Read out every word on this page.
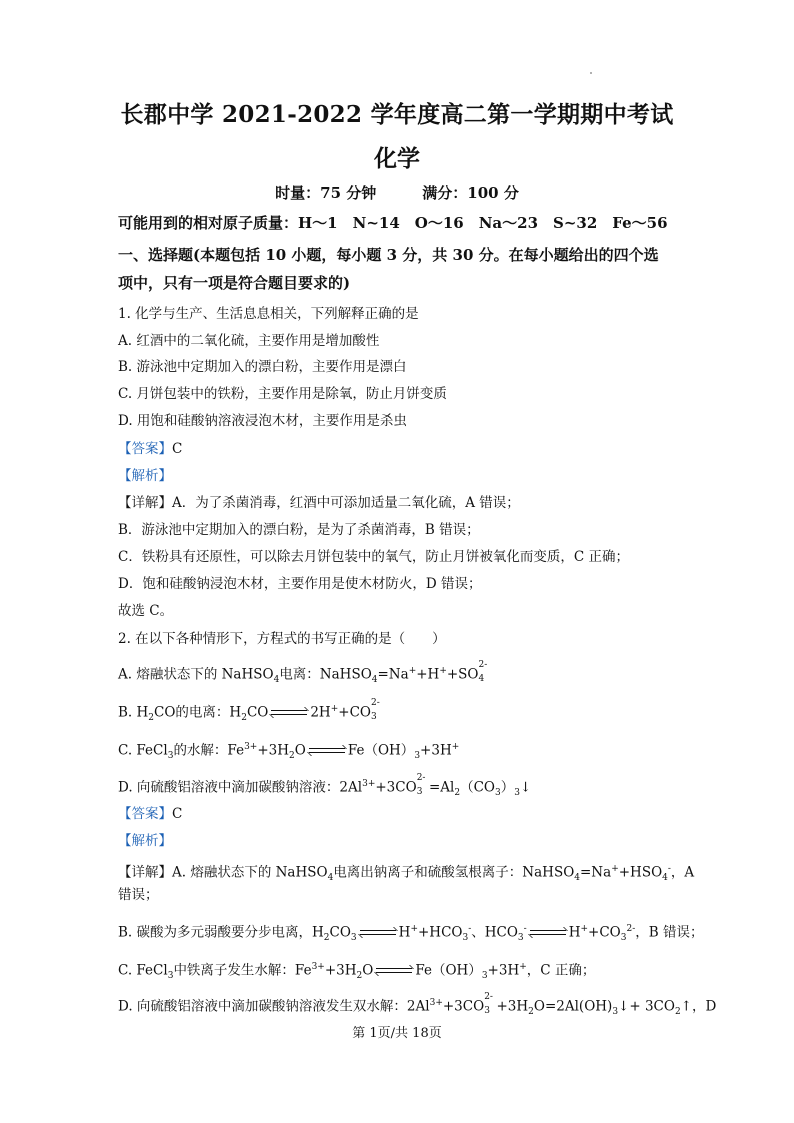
长郡中学 2021-2022 学年度高二第一学期期中考试
化学
时量：75 分钟	满分：100 分
可能用到的相对原子质量：H～1　N~14　O～16　Na～23　S~32　Fe～56
一、选择题(本题包括 10 小题，每小题 3 分，共 30 分。在每小题给出的四个选
项中，只有一项是符合题目要求的)
1. 化学与生产、生活息息相关，下列解释正确的是
A. 红酒中的二氧化硫，主要作用是增加酸性
B. 游泳池中定期加入的漂白粉，主要作用是漂白
C. 月饼包装中的铁粉，主要作用是除氧，防止月饼变质
D. 用饱和硅酸钠溶液浸泡木材，主要作用是杀虫
【答案】C
【解析】
【详解】A．为了杀菌消毒，红酒中可添加适量二氧化硫，A 错误；
B．游泳池中定期加入的漂白粉，是为了杀菌消毒，B 错误；
C．铁粉具有还原性，可以除去月饼包装中的氧气，防止月饼被氧化而变质，C 正确；
D．饱和硅酸钠浸泡木材，主要作用是使木材防火，D 错误；
故选 C。
2. 在以下各种情形下，方程式的书写正确的是（　　）
A. 熔融状态下的 NaHSO$_4$电离：NaHSO$_4$=Na++H++SO
2-
4
B. $H_2CO$的电离：$H_2CO$	2H++CO
2-
3
C. FeCl$_3$的水解：$Fe^{3+}+3H_2O$	$Fe(OH)_3+3H^+$
D. 向硫酸铝溶液中滴加碳酸钠溶液：$2Al^{3+}+3CO$
2-
$3 =Al_2(CO_3)_3↓$
【答案】C
【解析】
【详解】A. 熔融状态下的 NaHSO$_4$电离出钠离子和硫酸氢根离子：$NaHSO_4=Na^++HSO_4^-$，A
错误；
B. 碳酸为多元弱酸要分步电离，$H_2CO_3$	$H^++HCO_3^-$、$HCO_3^-$	$H^++CO_3^{2-}$，B 错误；
C. FeCl$_3$中铁离子发生水解：$Fe^{3+}+3H_2O$	$Fe(OH)_3+3H^+$，C 正确；
D. 向硫酸铝溶液中滴加碳酸钠溶液发生双水解：$2Al^{3+}+3CO$
2-
$3 +3H_2O=2Al(OH)_3↓+$ $3CO_2↑$，D
第 1页/共 18页
